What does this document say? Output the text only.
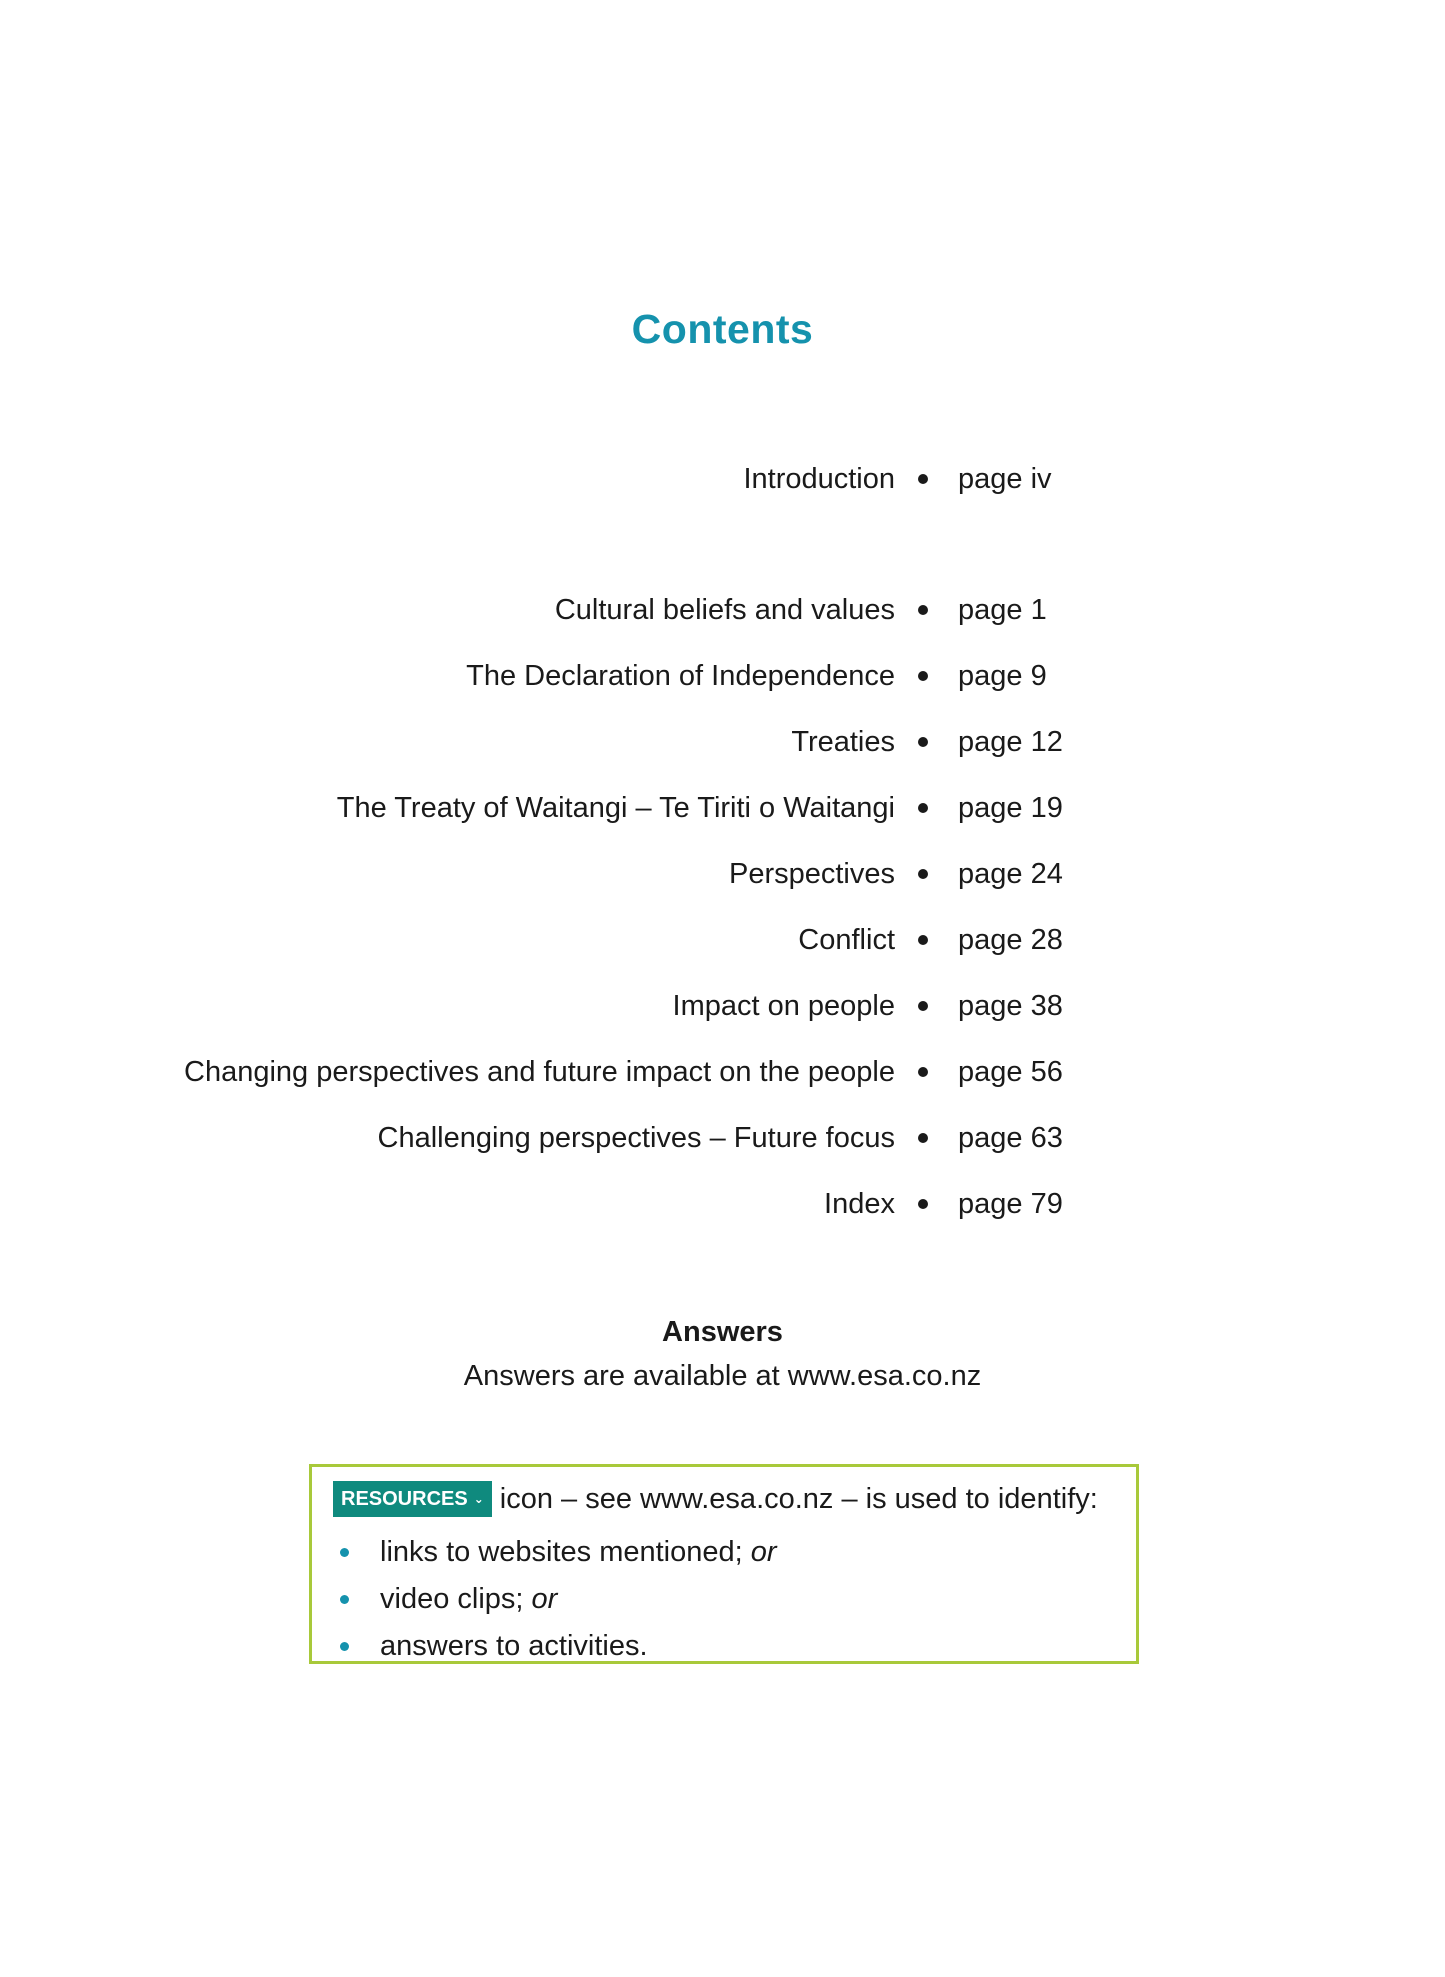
Contents
Introduction page iv
Cultural beliefs and values page 1
The Declaration of Independence page 9
Treaties page 12
The Treaty of Waitangi – Te Tiriti o Waitangi page 19
Perspectives page 24
Conflict page 28
Impact on people page 38
Changing perspectives and future impact on the people page 56
Challenging perspectives – Future focus page 63
Index page 79
Answers
Answers are available at www.esa.co.nz
RESOURCES ⌄ icon – see www.esa.co.nz – is used to identify:
links to websites mentioned; or
video clips; or
answers to activities.
